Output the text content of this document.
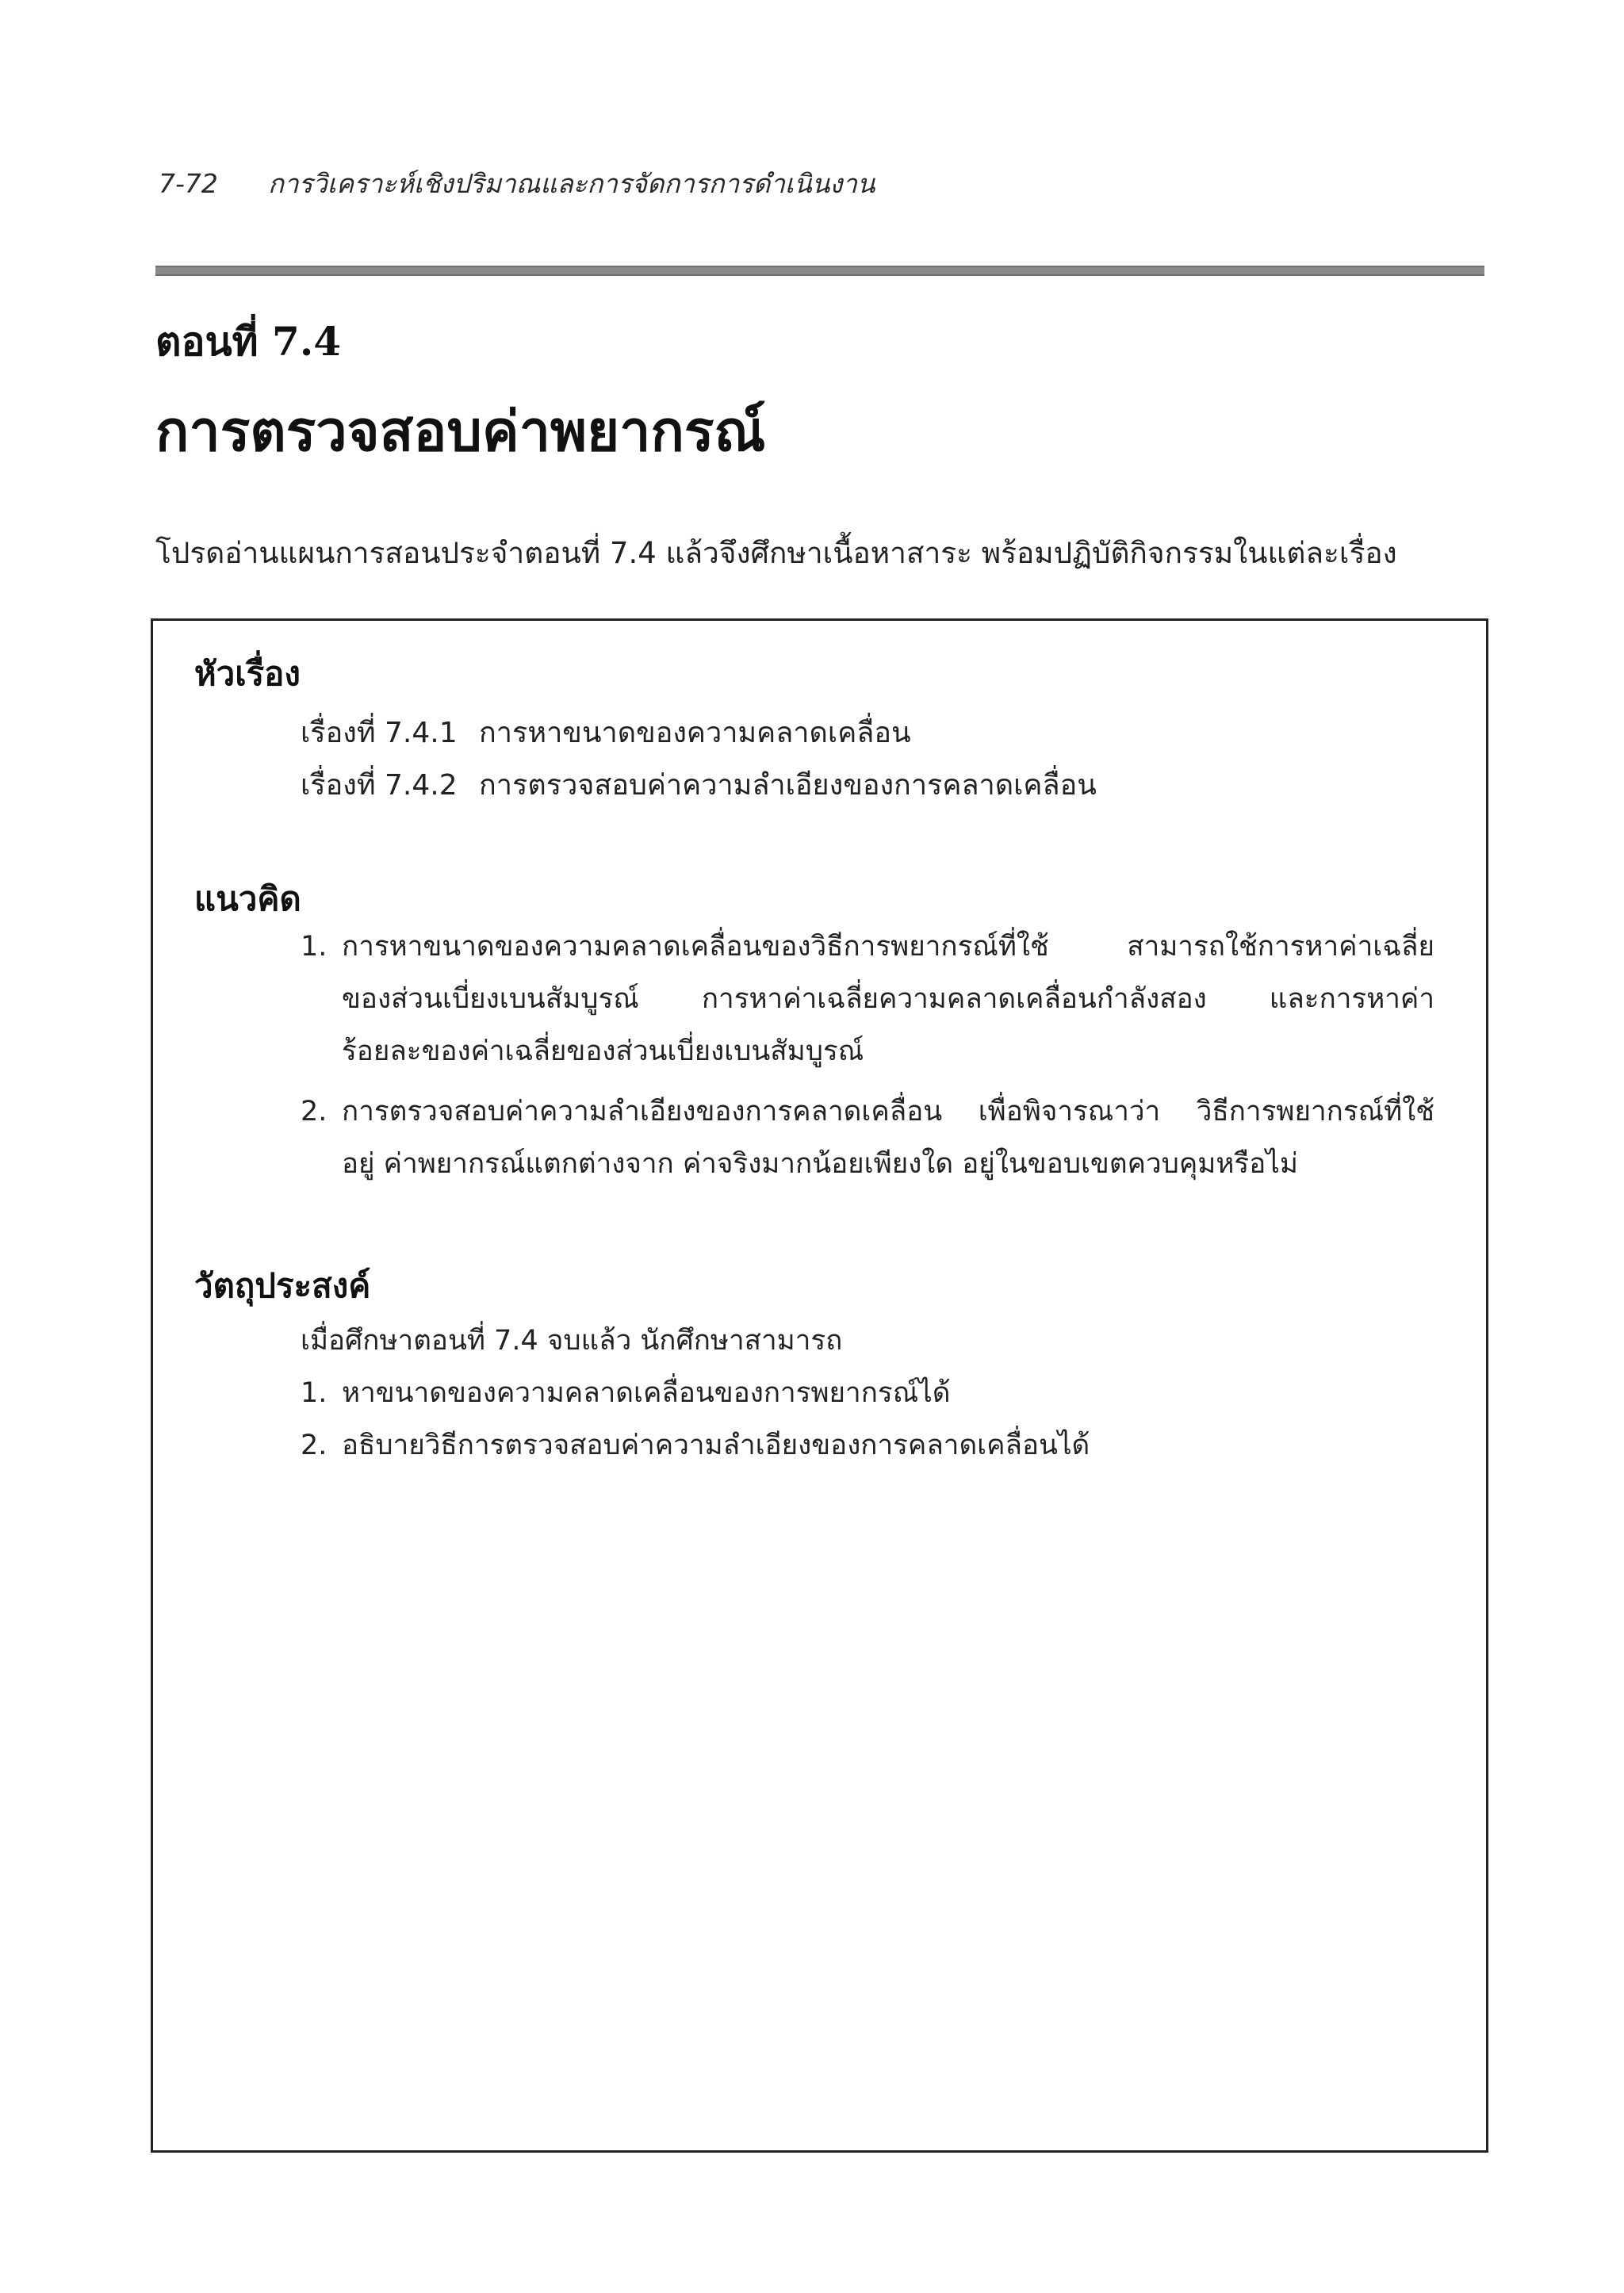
7-72 การวิเคราะห์เชิงปริมาณและการจัดการการดำเนินงาน
ตอนที่ 7.4
การตรวจสอบค่าพยากรณ์
โปรดอ่านแผนการสอนประจำตอนที่ 7.4 แล้วจึงศึกษาเนื้อหาสาระ พร้อมปฏิบัติกิจกรรมในแต่ละเรื่อง
หัวเรื่อง
เรื่องที่ 7.4.1 การหาขนาดของความคลาดเคลื่อน
เรื่องที่ 7.4.2 การตรวจสอบค่าความลำเอียงของการคลาดเคลื่อน
แนวคิด
1. การหาขนาดของความคลาดเคลื่อนของวิธีการพยากรณ์ที่ใช้ สามารถใช้การหาค่าเฉลี่ย
ของส่วนเบี่ยงเบนสัมบูรณ์ การหาค่าเฉลี่ยความคลาดเคลื่อนกำลังสอง และการหาค่า
ร้อยละของค่าเฉลี่ยของส่วนเบี่ยงเบนสัมบูรณ์
2. การตรวจสอบค่าความลำเอียงของการคลาดเคลื่อน เพื่อพิจารณาว่า วิธีการพยากรณ์ที่ใช้
อยู่ ค่าพยากรณ์แตกต่างจาก ค่าจริงมากน้อยเพียงใด อยู่ในขอบเขตควบคุมหรือไม่
วัตถุประสงค์
เมื่อศึกษาตอนที่ 7.4 จบแล้ว นักศึกษาสามารถ
1. หาขนาดของความคลาดเคลื่อนของการพยากรณ์ได้
2. อธิบายวิธีการตรวจสอบค่าความลำเอียงของการคลาดเคลื่อนได้
